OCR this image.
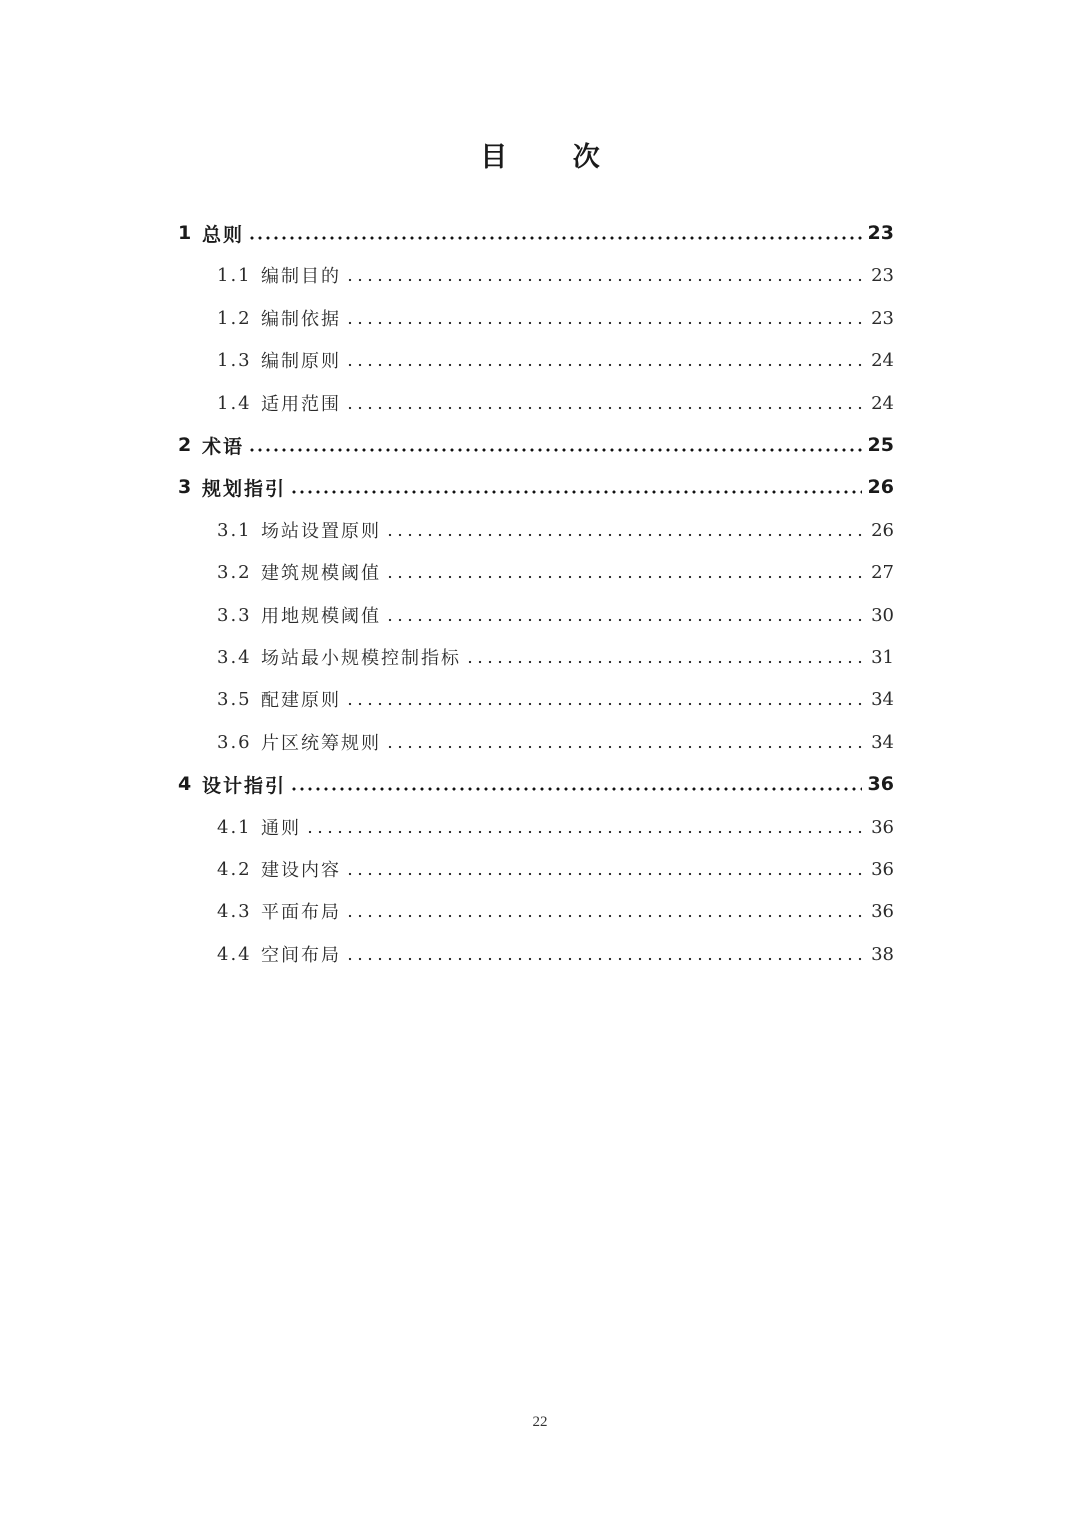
目 次
1 总则	23
1.1 编制目的	23
1.2 编制依据	23
1.3 编制原则	24
1.4 适用范围	24
2 术语	25
3 规划指引	26
3.1 场站设置原则	26
3.2 建筑规模阈值	27
3.3 用地规模阈值	30
3.4 场站最小规模控制指标	31
3.5 配建原则	34
3.6 片区统筹规则	34
4 设计指引	36
4.1 通则	36
4.2 建设内容	36
4.3 平面布局	36
4.4 空间布局	38
22
